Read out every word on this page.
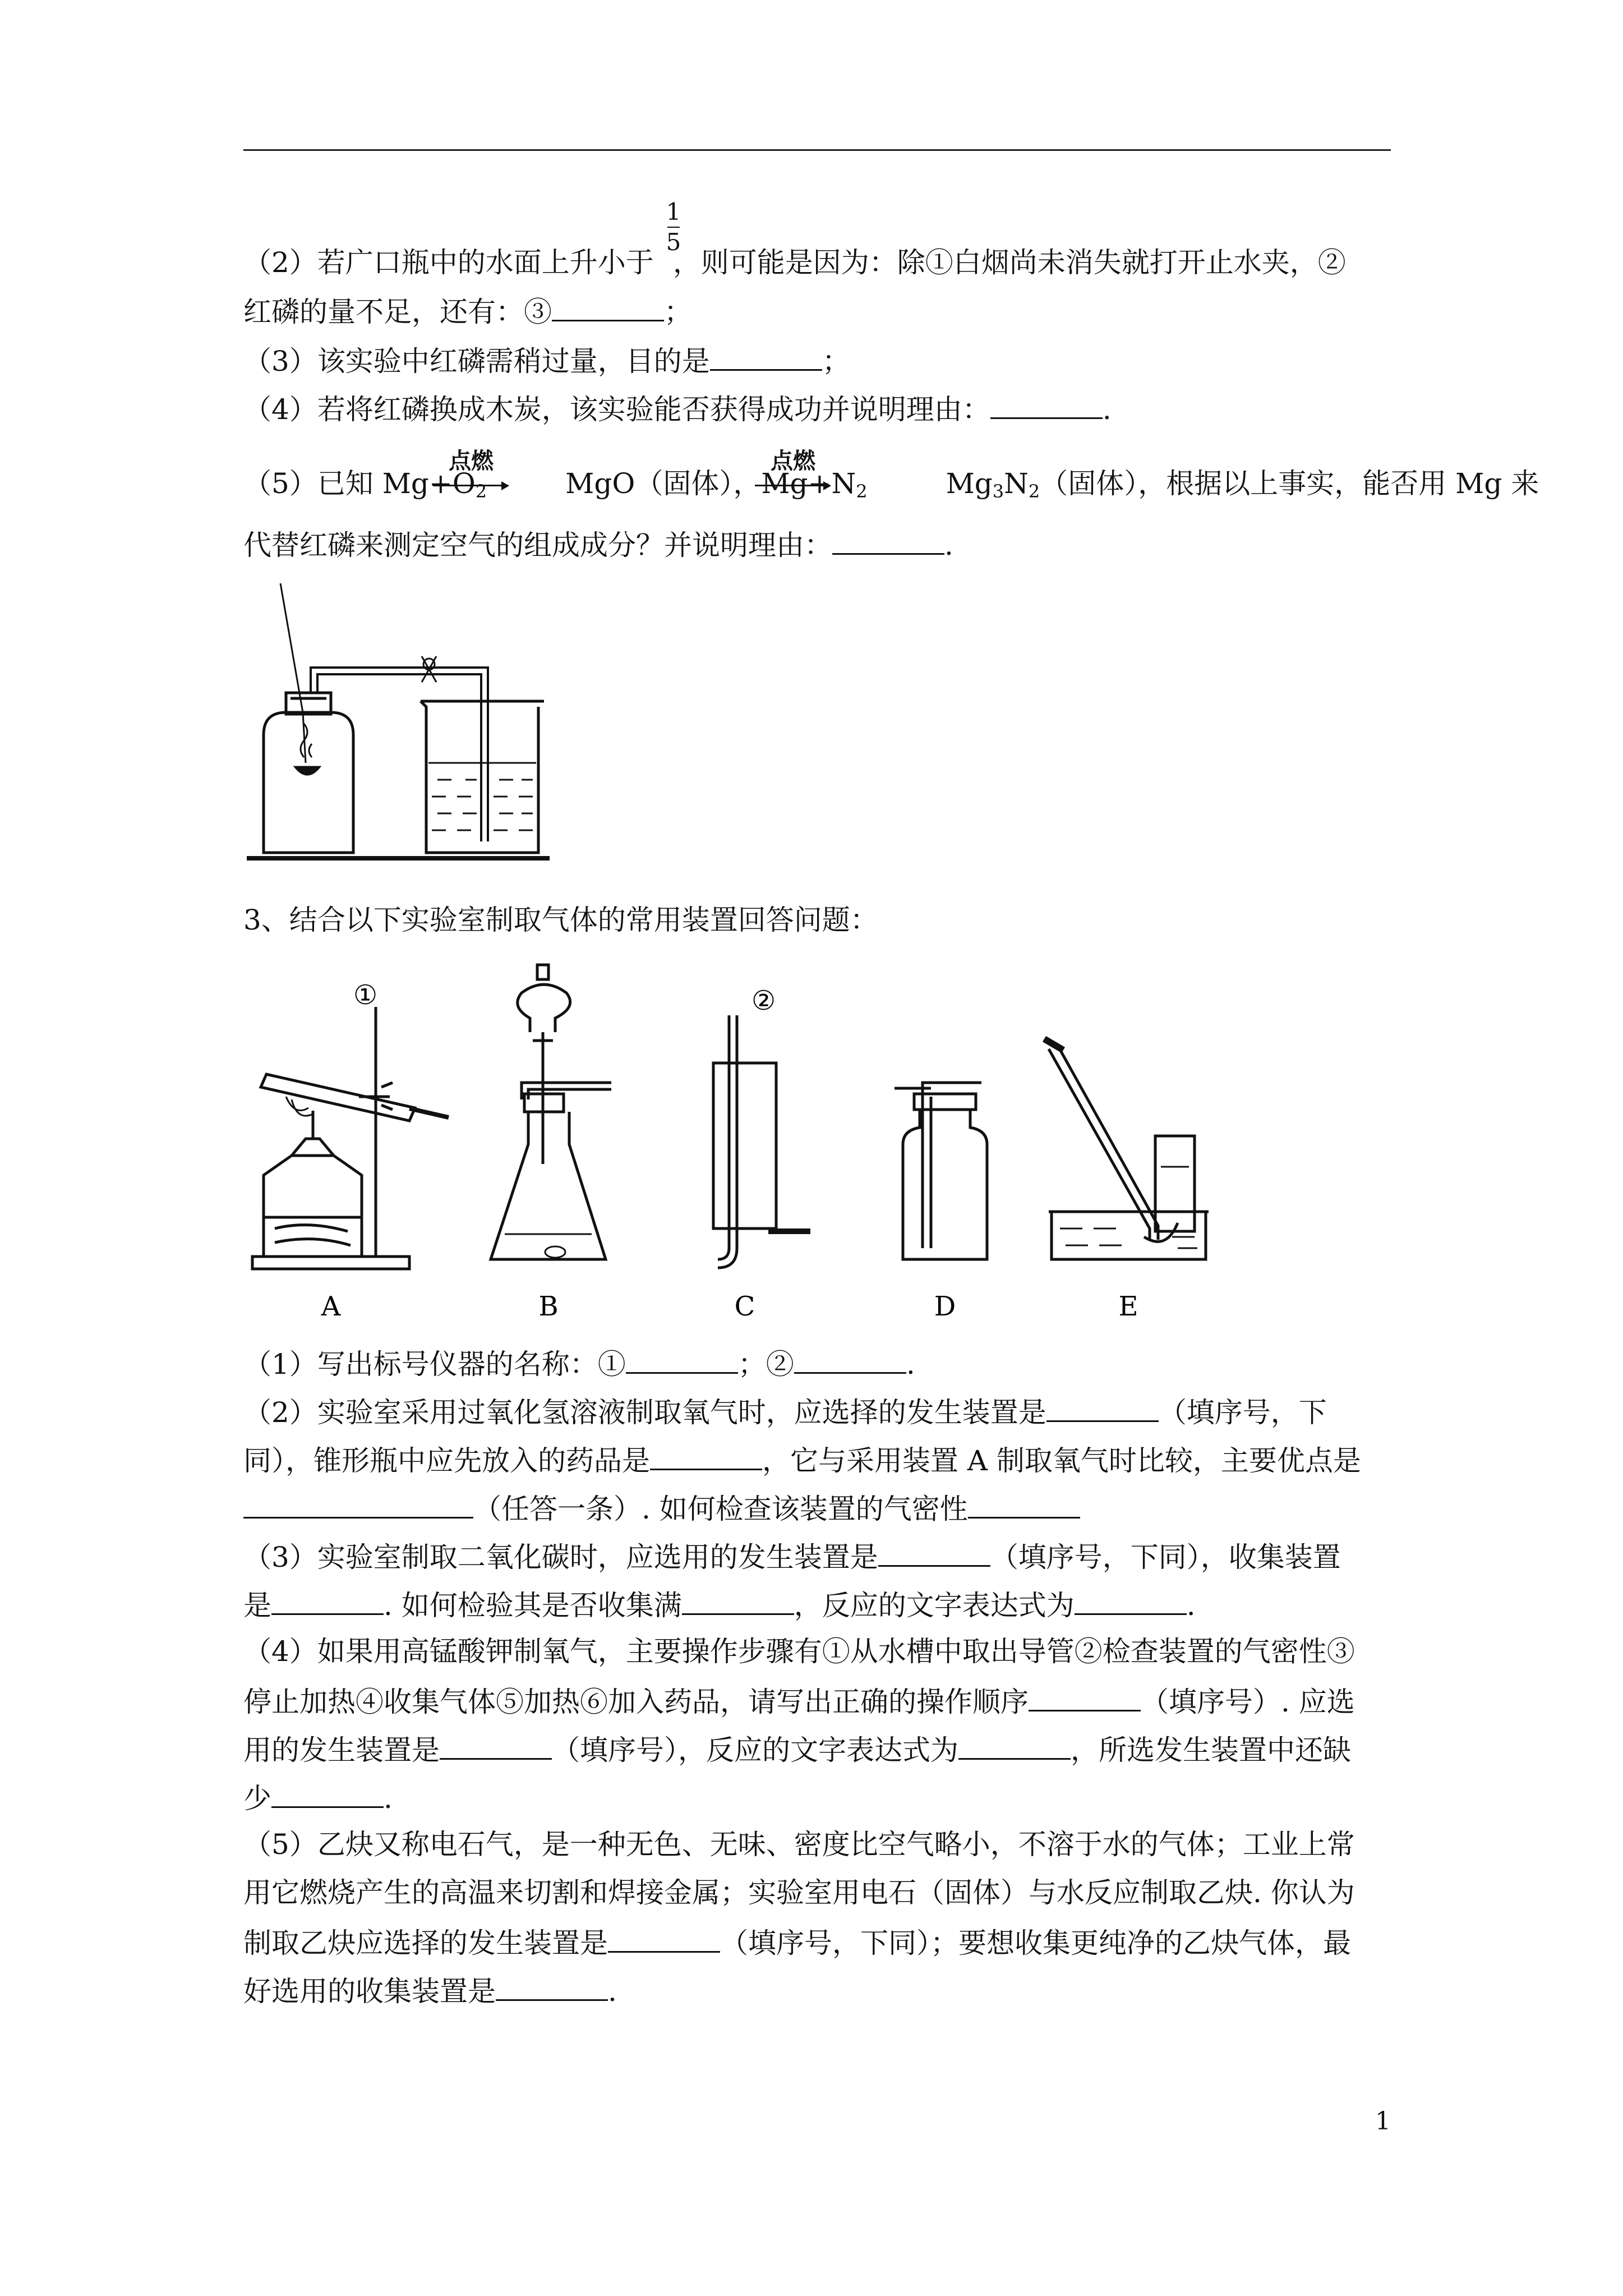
1
5
（2）若广口瓶中的水面上升小于 ，则可能是因为：除①白烟尚未消失就打开止水夹，②
红磷的量不足，还有：③	；
（3）该实验中红磷需稍过量，目的是	；
（4）若将红磷换成木炭，该实验能否获得成功并说明理由：	.
点燃	点燃
（5）已知 $Mg+O_2$	MgO（固体），$Mg+N_2$	$Mg_3N_2$（固体），根据以上事实，能否用 Mg 来
代替红磷来测定空气的组成成分？并说明理由：	.
3、结合以下实验室制取气体的常用装置回答问题：
①	②
A	B	C	D	E
（1）写出标号仪器的名称：①	；②	.
（2）实验室采用过氧化氢溶液制取氧气时，应选择的发生装置是	（填序号，下
同），锥形瓶中应先放入的药品是	，它与采用装置 A 制取氧气时比较，主要优点是
（任答一条）. 如何检查该装置的气密性
（3）实验室制取二氧化碳时，应选用的发生装置是	（填序号，下同），收集装置
是	. 如何检验其是否收集满	，反应的文字表达式为	.
（4）如果用高锰酸钾制氧气，主要操作步骤有①从水槽中取出导管②检查装置的气密性③
停止加热④收集气体⑤加热⑥加入药品，请写出正确的操作顺序	（填序号）. 应选
用的发生装置是	（填序号），反应的文字表达式为	，所选发生装置中还缺
少	.
（5）乙炔又称电石气，是一种无色、无味、密度比空气略小，不溶于水的气体；工业上常
用它燃烧产生的高温来切割和焊接金属；实验室用电石（固体）与水反应制取乙炔. 你认为
制取乙炔应选择的发生装置是	（填序号，下同）；要想收集更纯净的乙炔气体，最
好选用的收集装置是	.
1
